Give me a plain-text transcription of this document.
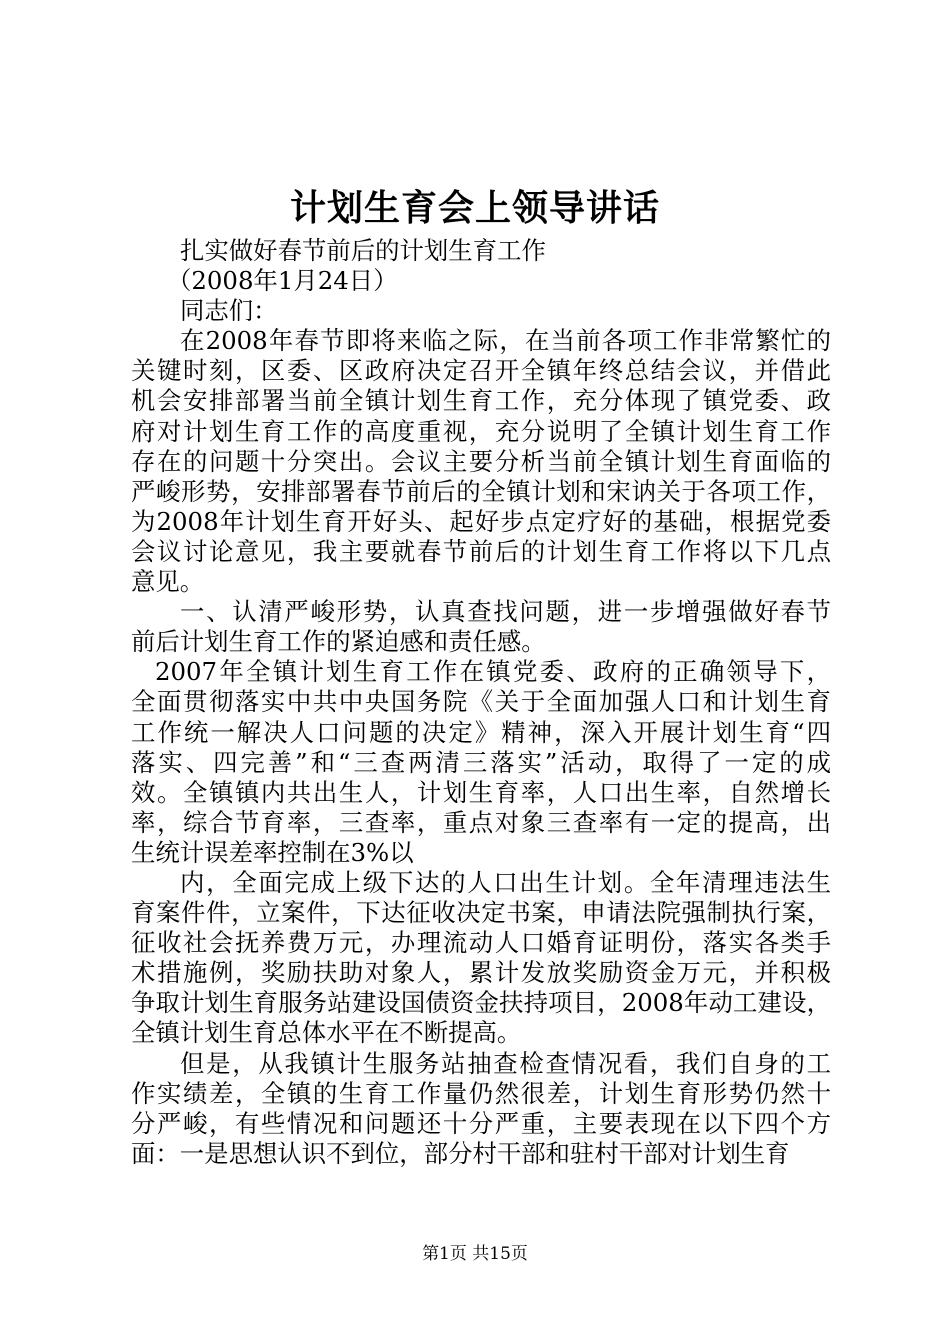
计划生育会上领导讲话
扎实做好春节前后的计划生育工作
（2008年1月24日）
同志们：
在2008年春节即将来临之际，在当前各项工作非常繁忙的
关键时刻，区委、区政府决定召开全镇年终总结会议，并借此
机会安排部署当前全镇计划生育工作，充分体现了镇党委、政
府对计划生育工作的高度重视，充分说明了全镇计划生育工作
存在的问题十分突出。会议主要分析当前全镇计划生育面临的
严峻形势，安排部署春节前后的全镇计划和宋讷关于各项工作，
为2008年计划生育开好头、起好步点定疗好的基础，根据党委
会议讨论意见，我主要就春节前后的计划生育工作将以下几点
意见。
一、认清严峻形势，认真查找问题，进一步增强做好春节
前后计划生育工作的紧迫感和责任感。
2007年全镇计划生育工作在镇党委、政府的正确领导下，
全面贯彻落实中共中央国务院《关于全面加强人口和计划生育
工作统一解决人口问题的决定》精神，深入开展计划生育“四
落实、四完善”和“三查两清三落实”活动，取得了一定的成
效。全镇镇内共出生人，计划生育率，人口出生率，自然增长
率，综合节育率，三查率，重点对象三查率有一定的提高，出
生统计误差率控制在3%以
内，全面完成上级下达的人口出生计划。全年清理违法生
育案件件，立案件，下达征收决定书案，申请法院强制执行案，
征收社会抚养费万元，办理流动人口婚育证明份，落实各类手
术措施例，奖励扶助对象人，累计发放奖励资金万元，并积极
争取计划生育服务站建设国债资金扶持项目，2008年动工建设，
全镇计划生育总体水平在不断提高。
但是，从我镇计生服务站抽查检查情况看，我们自身的工
作实绩差，全镇的生育工作量仍然很差，计划生育形势仍然十
分严峻，有些情况和问题还十分严重，主要表现在以下四个方
面：一是思想认识不到位，部分村干部和驻村干部对计划生育
第1页 共15页
